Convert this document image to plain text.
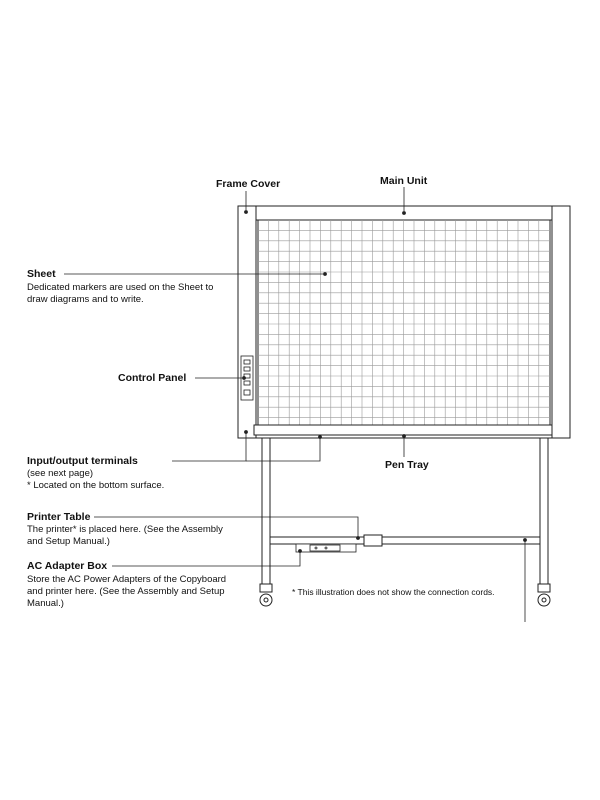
Frame Cover	Main Unit
Sheet
Dedicated markers are used on the Sheet to
draw diagrams and to write.
Control Panel
Pen Tray
Input/output terminals
(see next page)
* Located on the bottom surface.
Printer Table
The printer* is placed here. (See the Assembly
and Setup Manual.)
AC Adapter Box
Store the AC Power Adapters of the Copyboard
and printer here. (See the Assembly and Setup
Manual.)
* This illustration does not show the connection cords.
